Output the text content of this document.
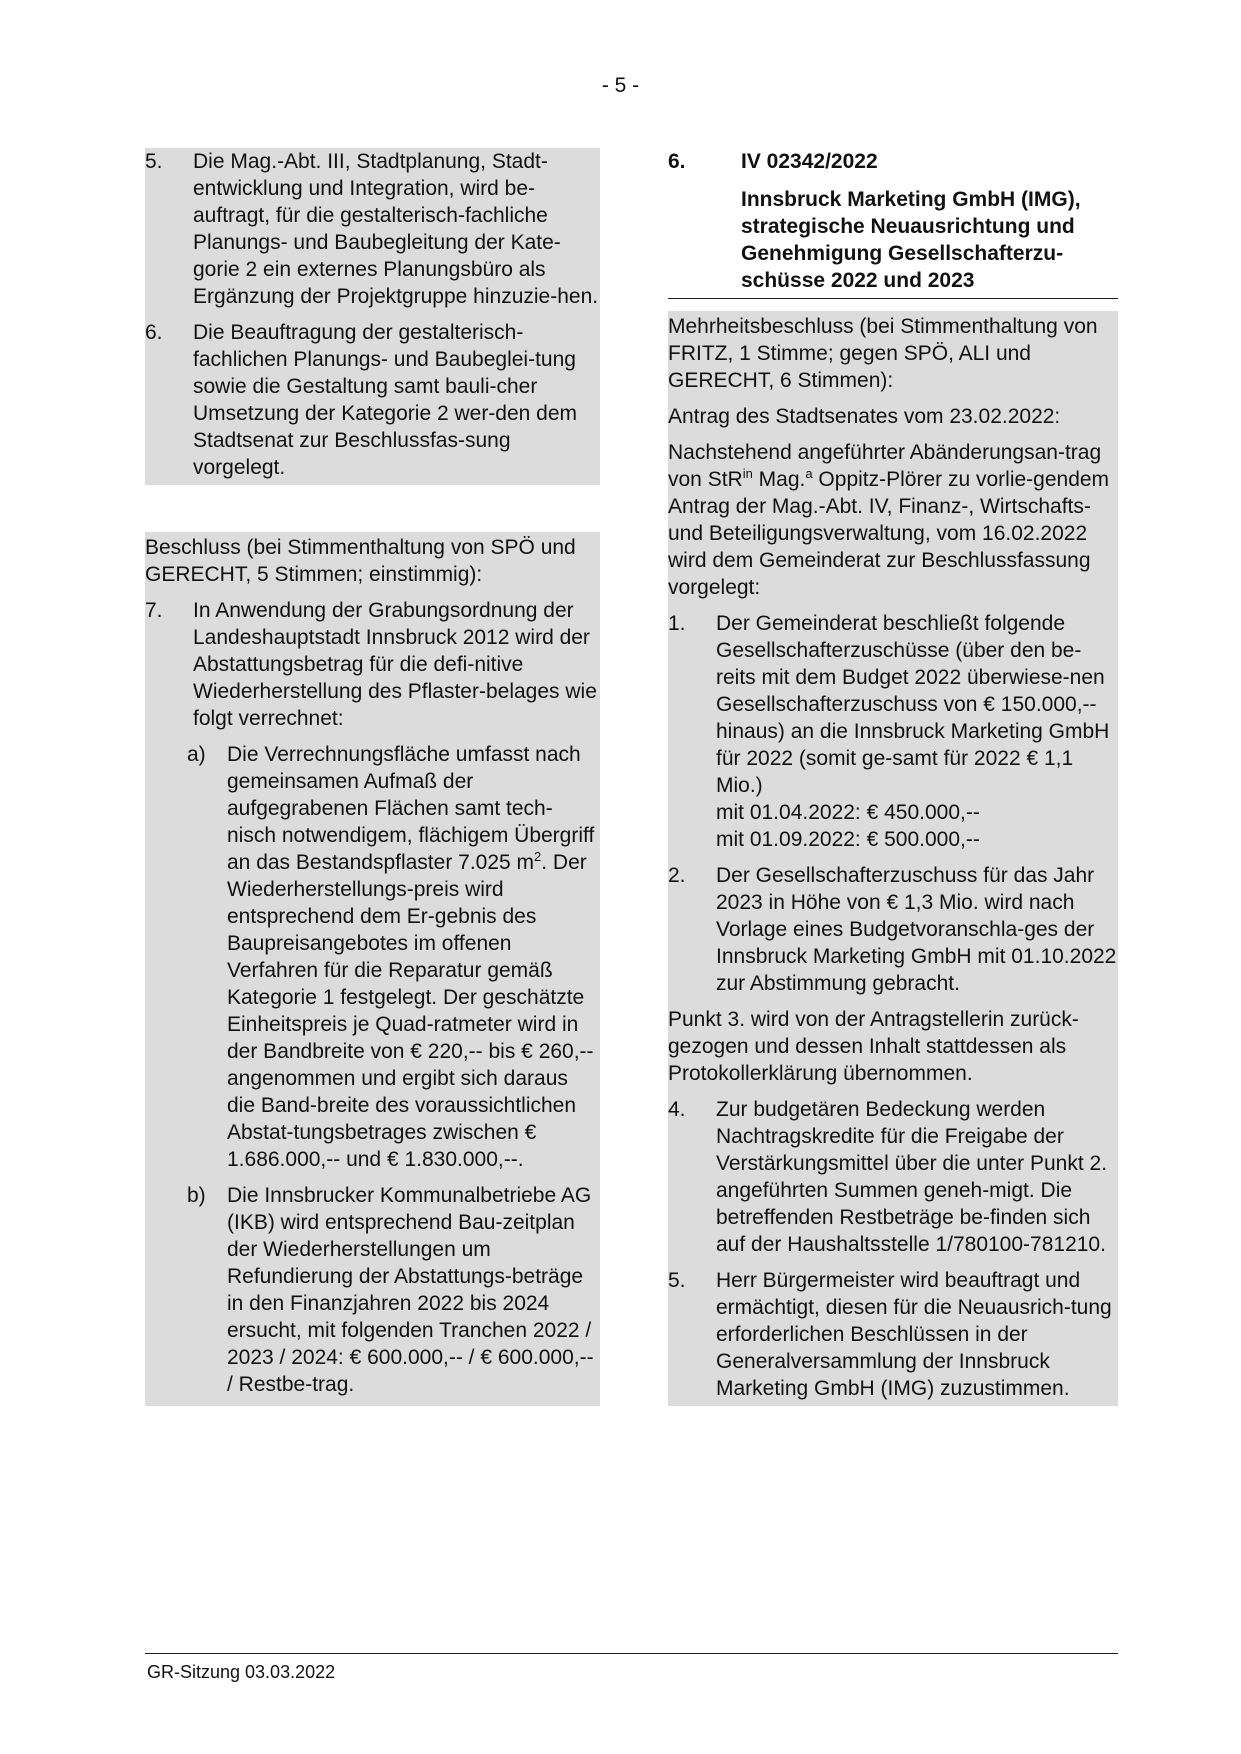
- 5 -
5.	Die Mag.-Abt. III, Stadtplanung, Stadt-entwicklung und Integration, wird be-auftragt, für die gestalterisch-fachliche Planungs- und Baubegleitung der Kate-gorie 2 ein externes Planungsbüro als Ergänzung der Projektgruppe hinzuzie-hen.
6.	Die Beauftragung der gestalterisch-fachlichen Planungs- und Baubeglei-tung sowie die Gestaltung samt bauli-cher Umsetzung der Kategorie 2 wer-den dem Stadtsenat zur Beschlussfas-sung vorgelegt.

Beschluss (bei Stimmenthaltung von SPÖ und GERECHT, 5 Stimmen; einstimmig):

7.	In Anwendung der Grabungsordnung der Landeshauptstadt Innsbruck 2012 wird der Abstattungsbetrag für die defi-nitive Wiederherstellung des Pflaster-belages wie folgt verrechnet:
a)	Die Verrechnungsfläche umfasst nach gemeinsamen Aufmaß der aufgegrabenen Flächen samt tech-nisch notwendigem, flächigem Übergriff an das Bestandspflaster 7.025 $m^2$. Der Wiederherstellungs-preis wird entsprechend dem Er-gebnis des Baupreisangebotes im offenen Verfahren für die Reparatur gemäß Kategorie 1 festgelegt. Der geschätzte Einheitspreis je Quad-ratmeter wird in der Bandbreite von € 220,-- bis € 260,-- angenommen und ergibt sich daraus die Band-breite des voraussichtlichen Abstat-tungsbetrages zwischen € 1.686.000,-- und € 1.830.000,--.
b)	Die Innsbrucker Kommunalbetriebe AG (IKB) wird entsprechend Bau-zeitplan der Wiederherstellungen um Refundierung der Abstattungs-beträge in den Finanzjahren 2022 bis 2024 ersucht, mit folgenden Tranchen 2022 / 2023 / 2024: € 600.000,-- / € 600.000,-- / Restbe-trag.
6.	IV 02342/2022
Innsbruck Marketing GmbH (IMG), strategische Neuausrichtung und Genehmigung Gesellschafterzu-schüsse 2022 und 2023

Mehrheitsbeschluss (bei Stimmenthaltung von FRITZ, 1 Stimme; gegen SPÖ, ALI und GERECHT, 6 Stimmen):

Antrag des Stadtsenates vom 23.02.2022:

Nachstehend angeführter Abänderungsan-trag von StR$^{in}$ Mag.$^a$ Oppitz-Plörer zu vorlie-gendem Antrag der Mag.-Abt. IV, Finanz-, Wirtschafts- und Beteiligungsverwaltung, vom 16.02.2022 wird dem Gemeinderat zur Beschlussfassung vorgelegt:

1.	Der Gemeinderat beschließt folgende Gesellschafterzuschüsse (über den be-reits mit dem Budget 2022 überwiese-nen Gesellschafterzuschuss von € 150.000,-- hinaus) an die Innsbruck Marketing GmbH für 2022 (somit ge-samt für 2022 € 1,1 Mio.)
mit 01.04.2022: € 450.000,--
mit 01.09.2022: € 500.000,--
2.	Der Gesellschafterzuschuss für das Jahr 2023 in Höhe von € 1,3 Mio. wird nach Vorlage eines Budgetvoranschla-ges der Innsbruck Marketing GmbH mit 01.10.2022 zur Abstimmung gebracht.

Punkt 3. wird von der Antragstellerin zurück-gezogen und dessen Inhalt stattdessen als Protokollerklärung übernommen.

4.	Zur budgetären Bedeckung werden Nachtragskredite für die Freigabe der Verstärkungsmittel über die unter Punkt 2. angeführten Summen geneh-migt. Die betreffenden Restbeträge be-finden sich auf der Haushaltsstelle 1/780100-781210.
5.	Herr Bürgermeister wird beauftragt und ermächtigt, diesen für die Neuausrich-tung erforderlichen Beschlüssen in der Generalversammlung der Innsbruck Marketing GmbH (IMG) zuzustimmen.
GR-Sitzung 03.03.2022
